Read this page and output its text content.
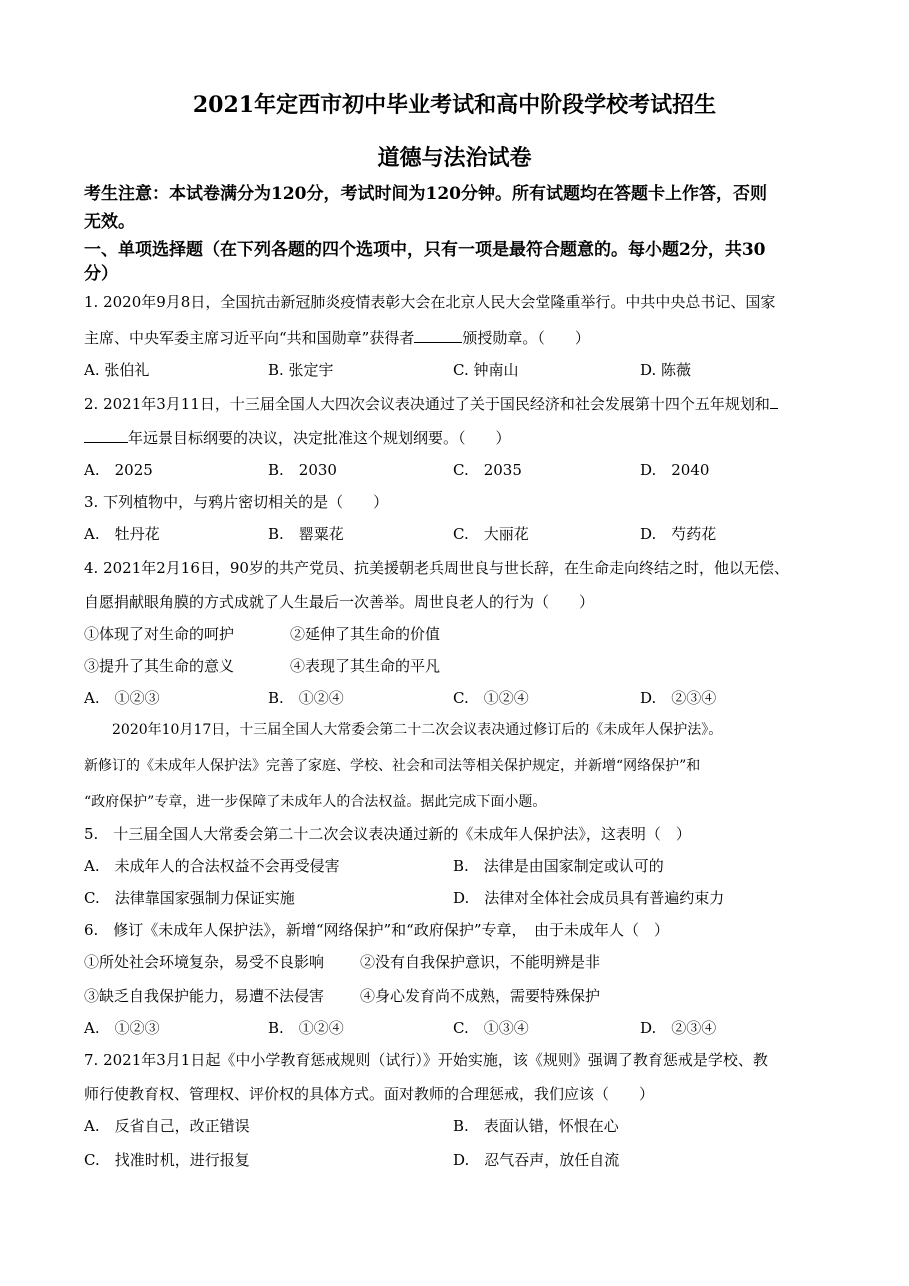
2021年定西市初中毕业考试和高中阶段学校考试招生
道德与法治试卷
考生注意：本试卷满分为120分，考试时间为120分钟。所有试题均在答题卡上作答，否则
无效。
一、单项选择题（在下列各题的四个选项中，只有一项是最符合题意的。每小题2分，共30
分）
1. 2020年9月8日，全国抗击新冠肺炎疫情表彰大会在北京人民大会堂隆重举行。中共中央总书记、国家
主席、中央军委主席习近平向“共和国勋章”获得者	颁授勋章。（　　）
A. 张伯礼	B. 张定宇	C. 钟南山	D. 陈薇
2. 2021年3月11日，十三届全国人大四次会议表决通过了关于国民经济和社会发展第十四个五年规划和
年远景目标纲要的决议，决定批准这个规划纲要。（　　）
A.　2025	B.　2030	C.　2035	D.　2040
3. 下列植物中，与鸦片密切相关的是（　　）
A.　牡丹花	B.　罂粟花	C.　大丽花	D.　芍药花
4. 2021年2月16日，90岁的共产党员、抗美援朝老兵周世良与世长辞，在生命走向终结之时，他以无偿、
自愿捐献眼角膜的方式成就了人生最后一次善举。周世良老人的行为（　　）
①体现了对生命的呵护	②延伸了其生命的价值
③提升了其生命的意义	④表现了其生命的平凡
A.　①②③	B.　①②④	C.　①②④	D.　②③④
2020年10月17日，十三届全国人大常委会第二十二次会议表决通过修订后的《未成年人保护法》。
新修订的《未成年人保护法》完善了家庭、学校、社会和司法等相关保护规定，并新增“网络保护”和
“政府保护”专章，进一步保障了未成年人的合法权益。据此完成下面小题。
5.　十三届全国人大常委会第二十二次会议表决通过新的《未成年人保护法》，这表明（　）
A.　未成年人的合法权益不会再受侵害	B.　法律是由国家制定或认可的
C.　法律靠国家强制力保证实施	D.　法律对全体社会成员具有普遍约束力
6.　修订《未成年人保护法》，新增“网络保护”和“政府保护”专章，　由于未成年人（　）
①所处社会环境复杂，易受不良影响 ②没有自我保护意识，不能明辨是非
③缺乏自我保护能力，易遭不法侵害 ④身心发育尚不成熟，需要特殊保护
A.　①②③	B.　①②④	C.　①③④	D.　②③④
7. 2021年3月1日起《中小学教育惩戒规则（试行）》开始实施，该《规则》强调了教育惩戒是学校、教
师行使教育权、管理权、评价权的具体方式。面对教师的合理惩戒，我们应该（　　）
A.　反省自己，改正错误	B.　表面认错，怀恨在心
C.　找准时机，进行报复	D.　忍气吞声，放任自流
